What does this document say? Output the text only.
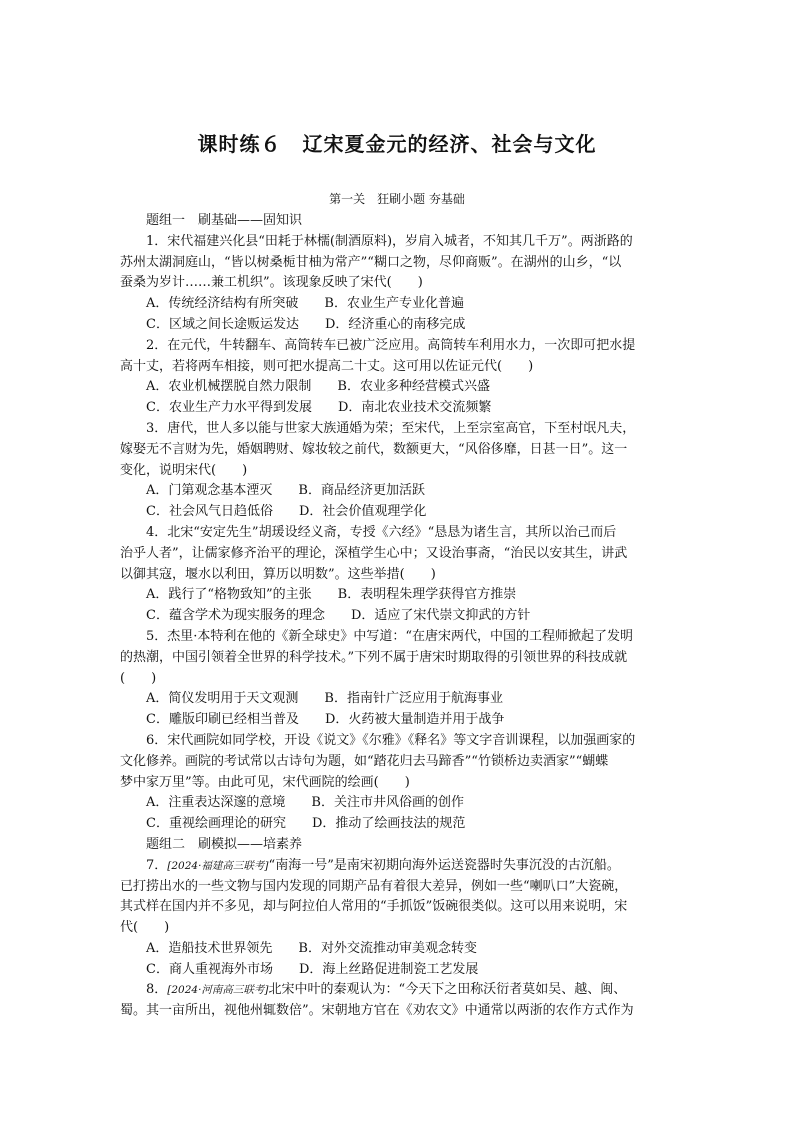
课时练６　辽宋夏金元的经济、社会与文化
第一关　狂刷小题 夯基础
题组一　刷基础——固知识
1．宋代福建兴化县“田耗于林檽(制酒原料)，岁肩入城者，不知其几千万”。两浙路的
苏州太湖洞庭山，“皆以树桑栀甘柚为常产”“糊口之物，尽仰商贩”。在湖州的山乡，“以
蚕桑为岁计……兼工机织”。该现象反映了宋代(　　)
A．传统经济结构有所突破　　B．农业生产专业化普遍
C．区域之间长途贩运发达　　D．经济重心的南移完成
2．在元代，牛转翻车、高筒转车已被广泛应用。高筒转车利用水力，一次即可把水提
高十丈，若将两车相接，则可把水提高二十丈。这可用以佐证元代(　　)
A．农业机械摆脱自然力限制　　B．农业多种经营模式兴盛
C．农业生产力水平得到发展　　D．南北农业技术交流频繁
3．唐代，世人多以能与世家大族通婚为荣；至宋代，上至宗室高官，下至村氓凡夫，
嫁娶无不言财为先，婚姻聘财、嫁妆较之前代，数额更大，“风俗侈靡，日甚一日”。这一
变化，说明宋代(　　)
A．门第观念基本湮灭　　B．商品经济更加活跃
C．社会风气日趋低俗　　D．社会价值观理学化
4．北宋“安定先生”胡瑗设经义斋，专授《六经》“恳恳为诸生言，其所以治己而后
治乎人者”，让儒家修齐治平的理论，深植学生心中；又设治事斋，“治民以安其生，讲武
以御其寇，堰水以利田，算历以明数”。这些举措(　　)
A．践行了“格物致知”的主张　　B．表明程朱理学获得官方推崇
C．蕴含学术为现实服务的理念　　D．适应了宋代崇文抑武的方针
5．杰里·本特利在他的《新全球史》中写道：“在唐宋两代，中国的工程师掀起了发明
的热潮，中国引领着全世界的科学技术。”下列不属于唐宋时期取得的引领世界的科技成就
(　　)
A．简仪发明用于天文观测　　B．指南针广泛应用于航海事业
C．雕版印刷已经相当普及　　D．火药被大量制造并用于战争
6．宋代画院如同学校，开设《说文》《尔雅》《释名》等文字音训课程，以加强画家的
文化修养。画院的考试常以古诗句为题，如“踏花归去马蹄香”“竹锁桥边卖酒家”“蝴蝶
梦中家万里”等。由此可见，宋代画院的绘画(　　)
A．注重表达深邃的意境　　B．关注市井风俗画的创作
C．重视绘画理论的研究　　D．推动了绘画技法的规范
题组二　刷模拟——培素养
7．[2024·福建高三联考]“南海一号”是南宋初期向海外运送瓷器时失事沉没的古沉船。
已打捞出水的一些文物与国内发现的同期产品有着很大差异，例如一些“喇叭口”大瓷碗，
其式样在国内并不多见，却与阿拉伯人常用的“手抓饭”饭碗很类似。这可以用来说明，宋
代(　　)
A．造船技术世界领先　　B．对外交流推动审美观念转变
C．商人重视海外市场　　D．海上丝路促进制瓷工艺发展
8．[2024·河南高三联考]北宋中叶的秦观认为：“今天下之田称沃衍者莫如吴、越、闽、
蜀。其一亩所出，视他州辄数倍”。宋朝地方官在《劝农文》中通常以两浙的农作方式作为
